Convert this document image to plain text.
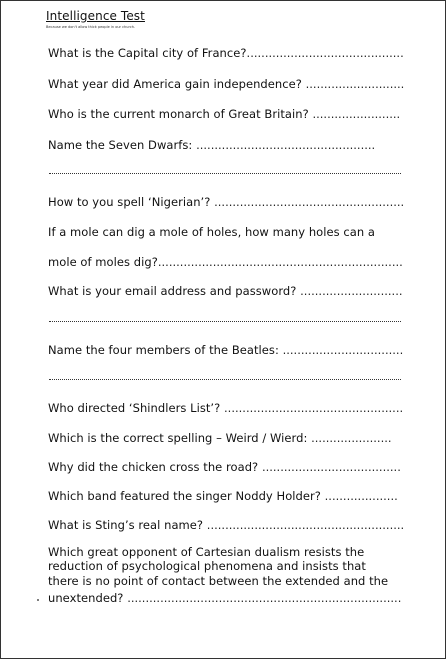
Intelligence Test
Because we don't allow thick people in our church.
What is the Capital city of France?...........................................
What year did America gain independence? ...........................
Who is the current monarch of Great Britain? ........................
Name the Seven Dwarfs: .................................................
How to you spell ‘Nigerian’? ....................................................
If a mole can dig a mole of holes, how many holes can a
mole of moles dig?...................................................................
What is your email address and password? ............................
Name the four members of the Beatles: .................................
Who directed ‘Shindlers List’? .................................................
Which is the correct spelling – Weird / Wierd: ......................
Why did the chicken cross the road? ......................................
Which band featured the singer Noddy Holder? ....................
What is Sting’s real name? ......................................................
Which great opponent of Cartesian dualism resists the
reduction of psychological phenomena and insists that
there is no point of contact between the extended and the
unextended? ...........................................................................
